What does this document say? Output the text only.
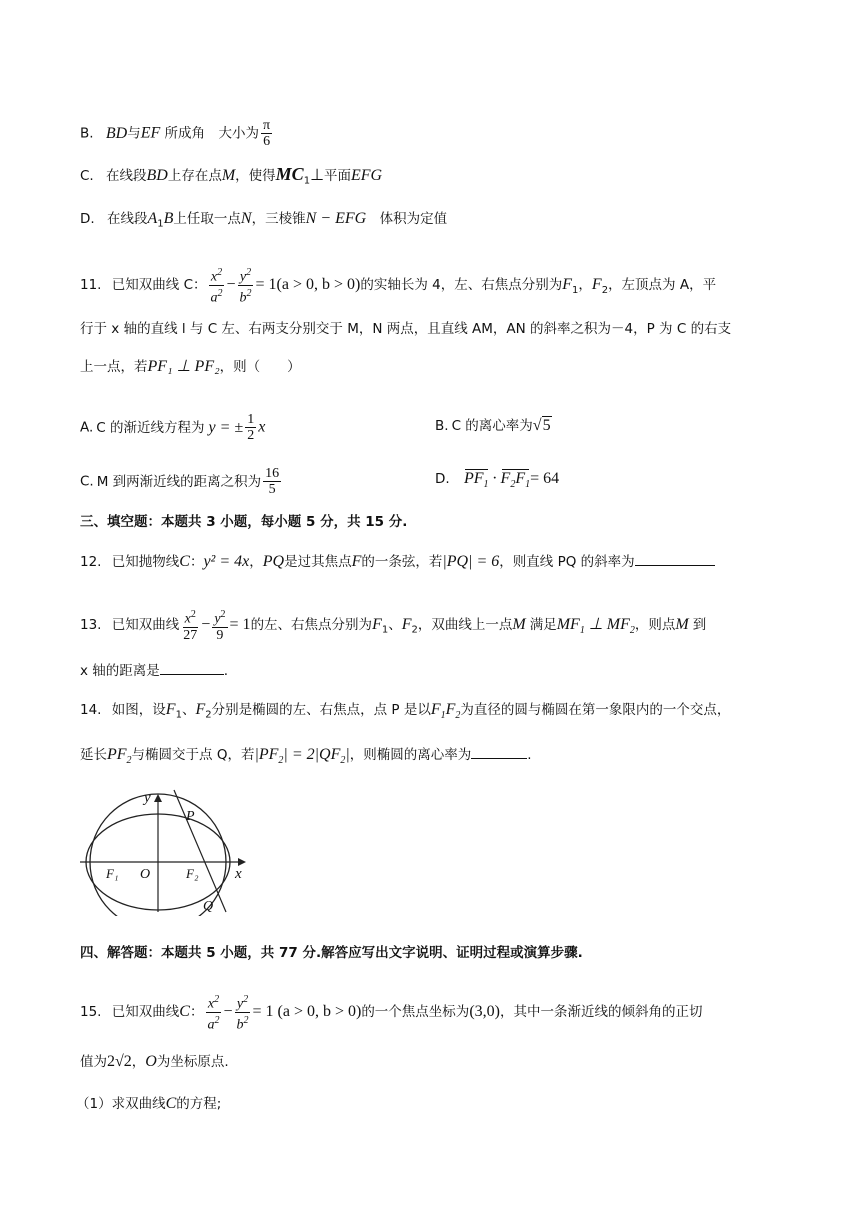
B. BD与EF 所成角　大小为 $\frac{\pi}{6}$
C. 在线段BD上存在点M，使得$MC_1\perp$平面EFG
D. 在线段$A_1B$上任取一点N，三棱锥N − EFG　体积为定值
11. 已知双曲线 C： $\frac{x^2}{a^2} - \frac{y^2}{b^2} = 1(a > 0$, b > 0)的实轴长为 4，左、右焦点分别为$F_1$，$F_2$，左顶点为 A，平
行于 x 轴的直线 l 与 C 左、右两支分别交于 M，N 两点，且直线 AM，AN 的斜率之积为－4，P 为 C 的右支
上一点，若PF₁ ⊥ PF₂，则（　　）
A. C 的渐近线方程为 y = ± $\frac{1}{2}$ x	B. C 的离心率为√5
C. M 到两渐近线的距离之积为 $\frac{16}{5}$	D. $PF_1 \cdot F_2F_1= 64$
三、填空题：本题共 3 小题，每小题 5 分，共 15 分.
12. 已知抛物线C：y² = 4x，PQ是过其焦点F的一条弦，若|PQ| = 6，则直线 PQ 的斜率为
13. 已知双曲线 $\frac{x^2}{27} - \frac{y^2}{9} = 1$的左、右焦点分别为$F_1$、$F_2$，双曲线上一点M 满足$MF_1$ ⊥ $MF_2$，则点M 到
x 轴的距离是	.
14. 如图，设$F_1$、$F_2$分别是椭圆的左、右焦点，点 P 是以$F_1F_2$为直径的圆与椭圆在第一象限内的一个交点，
延长$PF_2$与椭圆交于点 Q，若$|PF_2| = 2|QF_2|$，则椭圆的离心率为	.
y
x
P
Q
O
F₁	F₂
四、解答题：本题共 5 小题，共 77 分.解答应写出文字说明、证明过程或演算步骤.
15. 已知双曲线C： $\frac{x^2}{a^2} - \frac{y^2}{b^2} = 1$ (a > 0, b > 0)的一个焦点坐标为(3,0)，其中一条渐近线的倾斜角的正切
值为2√2，O为坐标原点.
（1）求双曲线C的方程;
